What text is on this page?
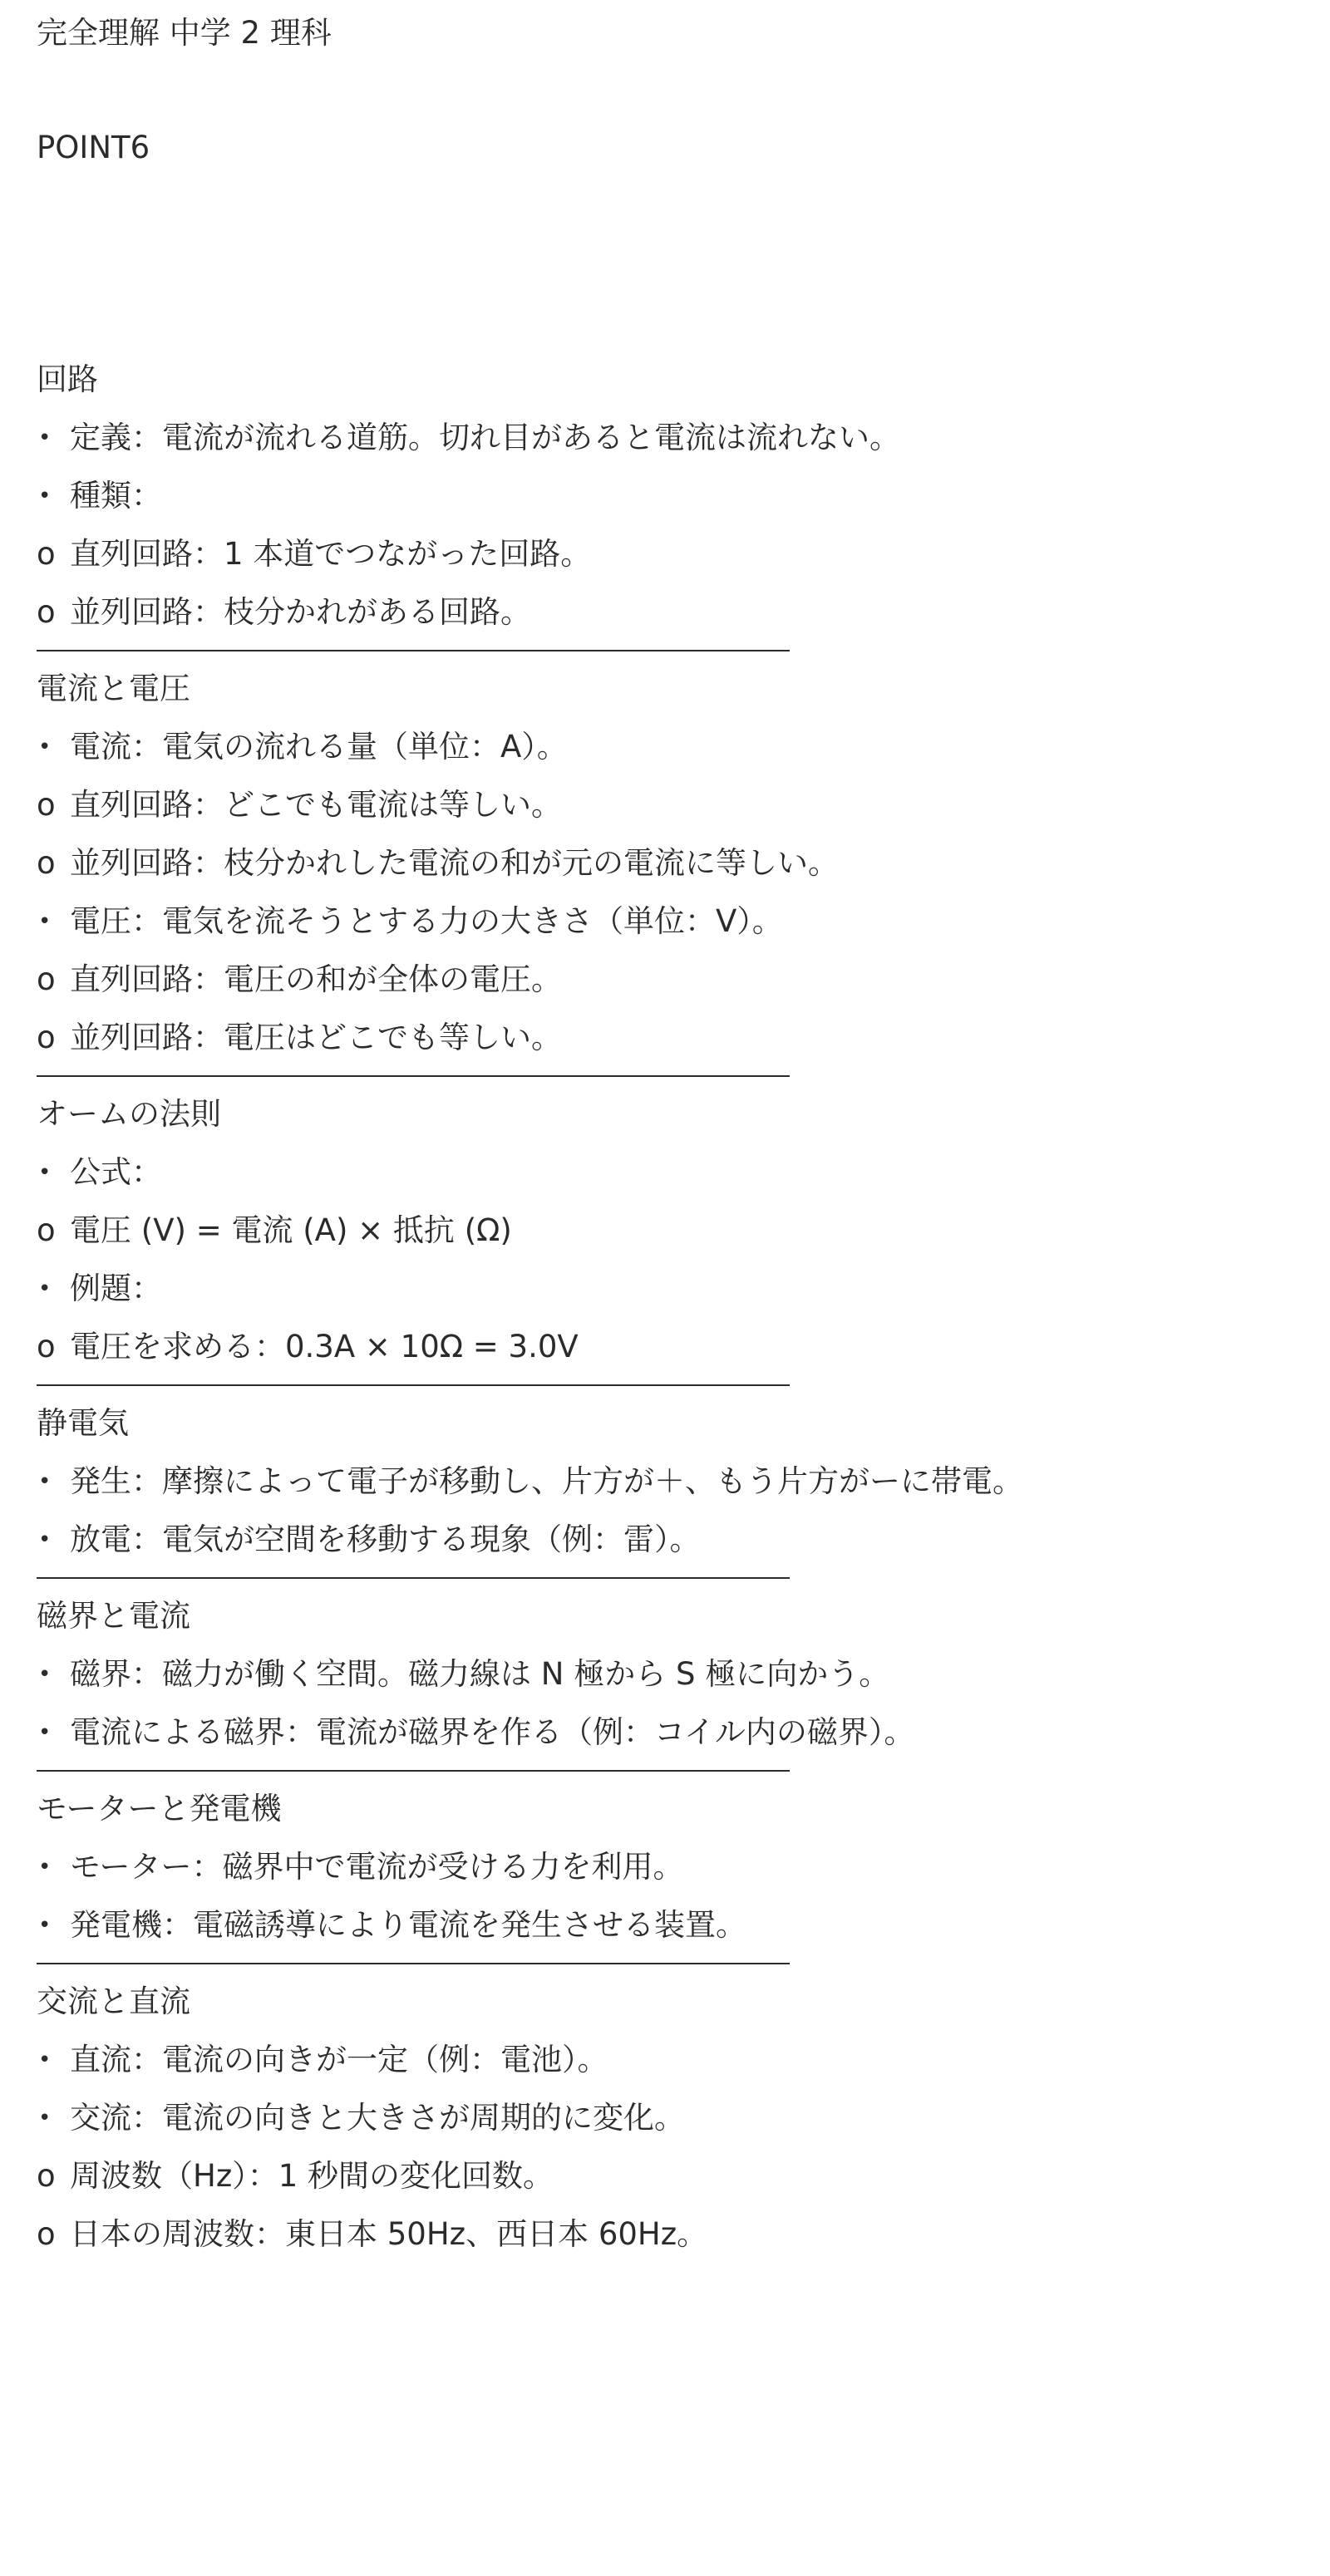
完全理解 中学 2 理科
POINT6
回路
• 定義：電流が流れる道筋。切れ目があると電流は流れない。
• 種類：
o 直列回路：1 本道でつながった回路。
o 並列回路：枝分かれがある回路。
電流と電圧
• 電流：電気の流れる量（単位：A）。
o 直列回路：どこでも電流は等しい。
o 並列回路：枝分かれした電流の和が元の電流に等しい。
• 電圧：電気を流そうとする力の大きさ（単位：V）。
o 直列回路：電圧の和が全体の電圧。
o 並列回路：電圧はどこでも等しい。
オームの法則
• 公式：
o 電圧 (V) = 電流 (A) × 抵抗 (Ω)
• 例題：
o 電圧を求める：0.3A × 10Ω = 3.0V
静電気
• 発生：摩擦によって電子が移動し、片方が＋、もう片方がーに帯電。
• 放電：電気が空間を移動する現象（例：雷）。
磁界と電流
• 磁界：磁力が働く空間。磁力線は N 極から S 極に向かう。
• 電流による磁界：電流が磁界を作る（例：コイル内の磁界）。
モーターと発電機
• モーター：磁界中で電流が受ける力を利用。
• 発電機：電磁誘導により電流を発生させる装置。
交流と直流
• 直流：電流の向きが一定（例：電池）。
• 交流：電流の向きと大きさが周期的に変化。
o 周波数（Hz）：1 秒間の変化回数。
o 日本の周波数：東日本 50Hz、西日本 60Hz。
